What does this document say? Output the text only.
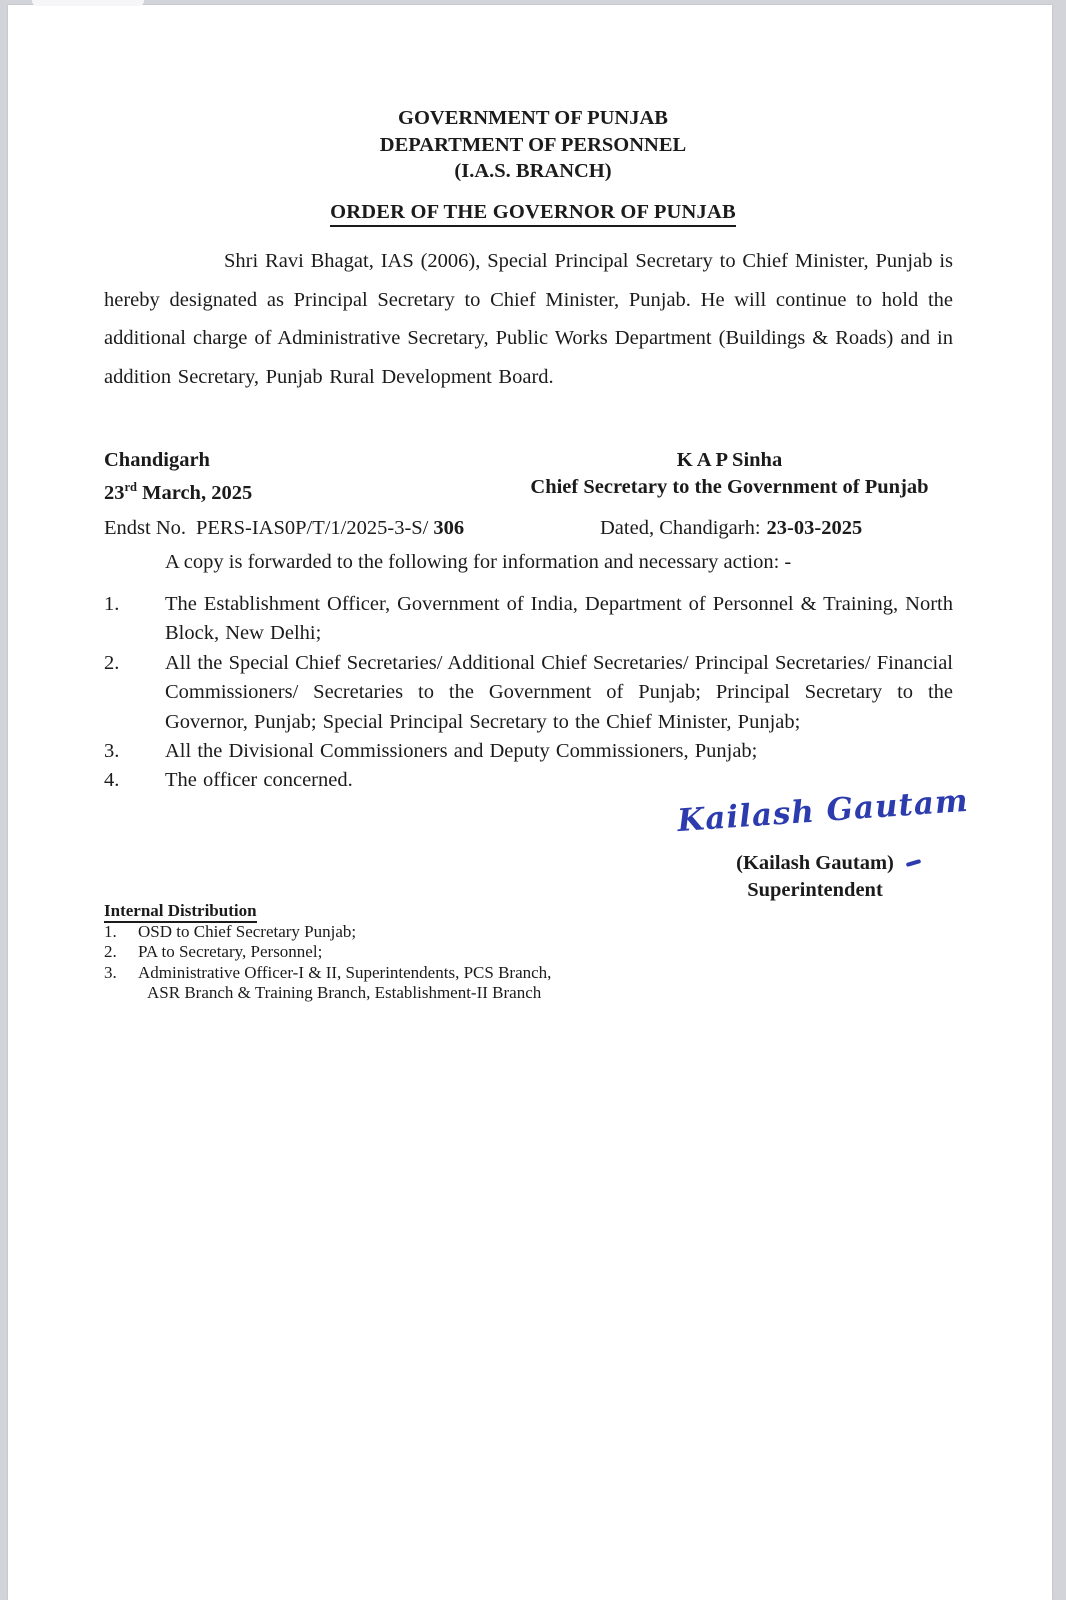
GOVERNMENT OF PUNJAB
DEPARTMENT OF PERSONNEL
(I.A.S. BRANCH)
ORDER OF THE GOVERNOR OF PUNJAB
Shri Ravi Bhagat, IAS (2006), Special Principal Secretary to Chief Minister, Punjab is hereby designated as Principal Secretary to Chief Minister, Punjab. He will continue to hold the additional charge of Administrative Secretary, Public Works Department (Buildings & Roads) and in addition Secretary, Punjab Rural Development Board.
Chandigarh
23rd March, 2025
K A P Sinha
Chief Secretary to the Government of Punjab
Endst No. PERS-IAS0P/T/1/2025-3-S/ 306	Dated, Chandigarh: 23-03-2025
A copy is forwarded to the following for information and necessary action: -
1.	The Establishment Officer, Government of India, Department of Personnel & Training, North Block, New Delhi;
2.	All the Special Chief Secretaries/ Additional Chief Secretaries/ Principal Secretaries/ Financial Commissioners/ Secretaries to the Government of Punjab; Principal Secretary to the Governor, Punjab; Special Principal Secretary to the Chief Minister, Punjab;
3.	All the Divisional Commissioners and Deputy Commissioners, Punjab;
4.	The officer concerned.
Kailash Gautam
(Kailash Gautam)
Superintendent
Internal Distribution
1.	OSD to Chief Secretary Punjab;
2.	PA to Secretary, Personnel;
3.	Administrative Officer-I & II, Superintendents, PCS Branch,
ASR Branch & Training Branch, Establishment-II Branch
